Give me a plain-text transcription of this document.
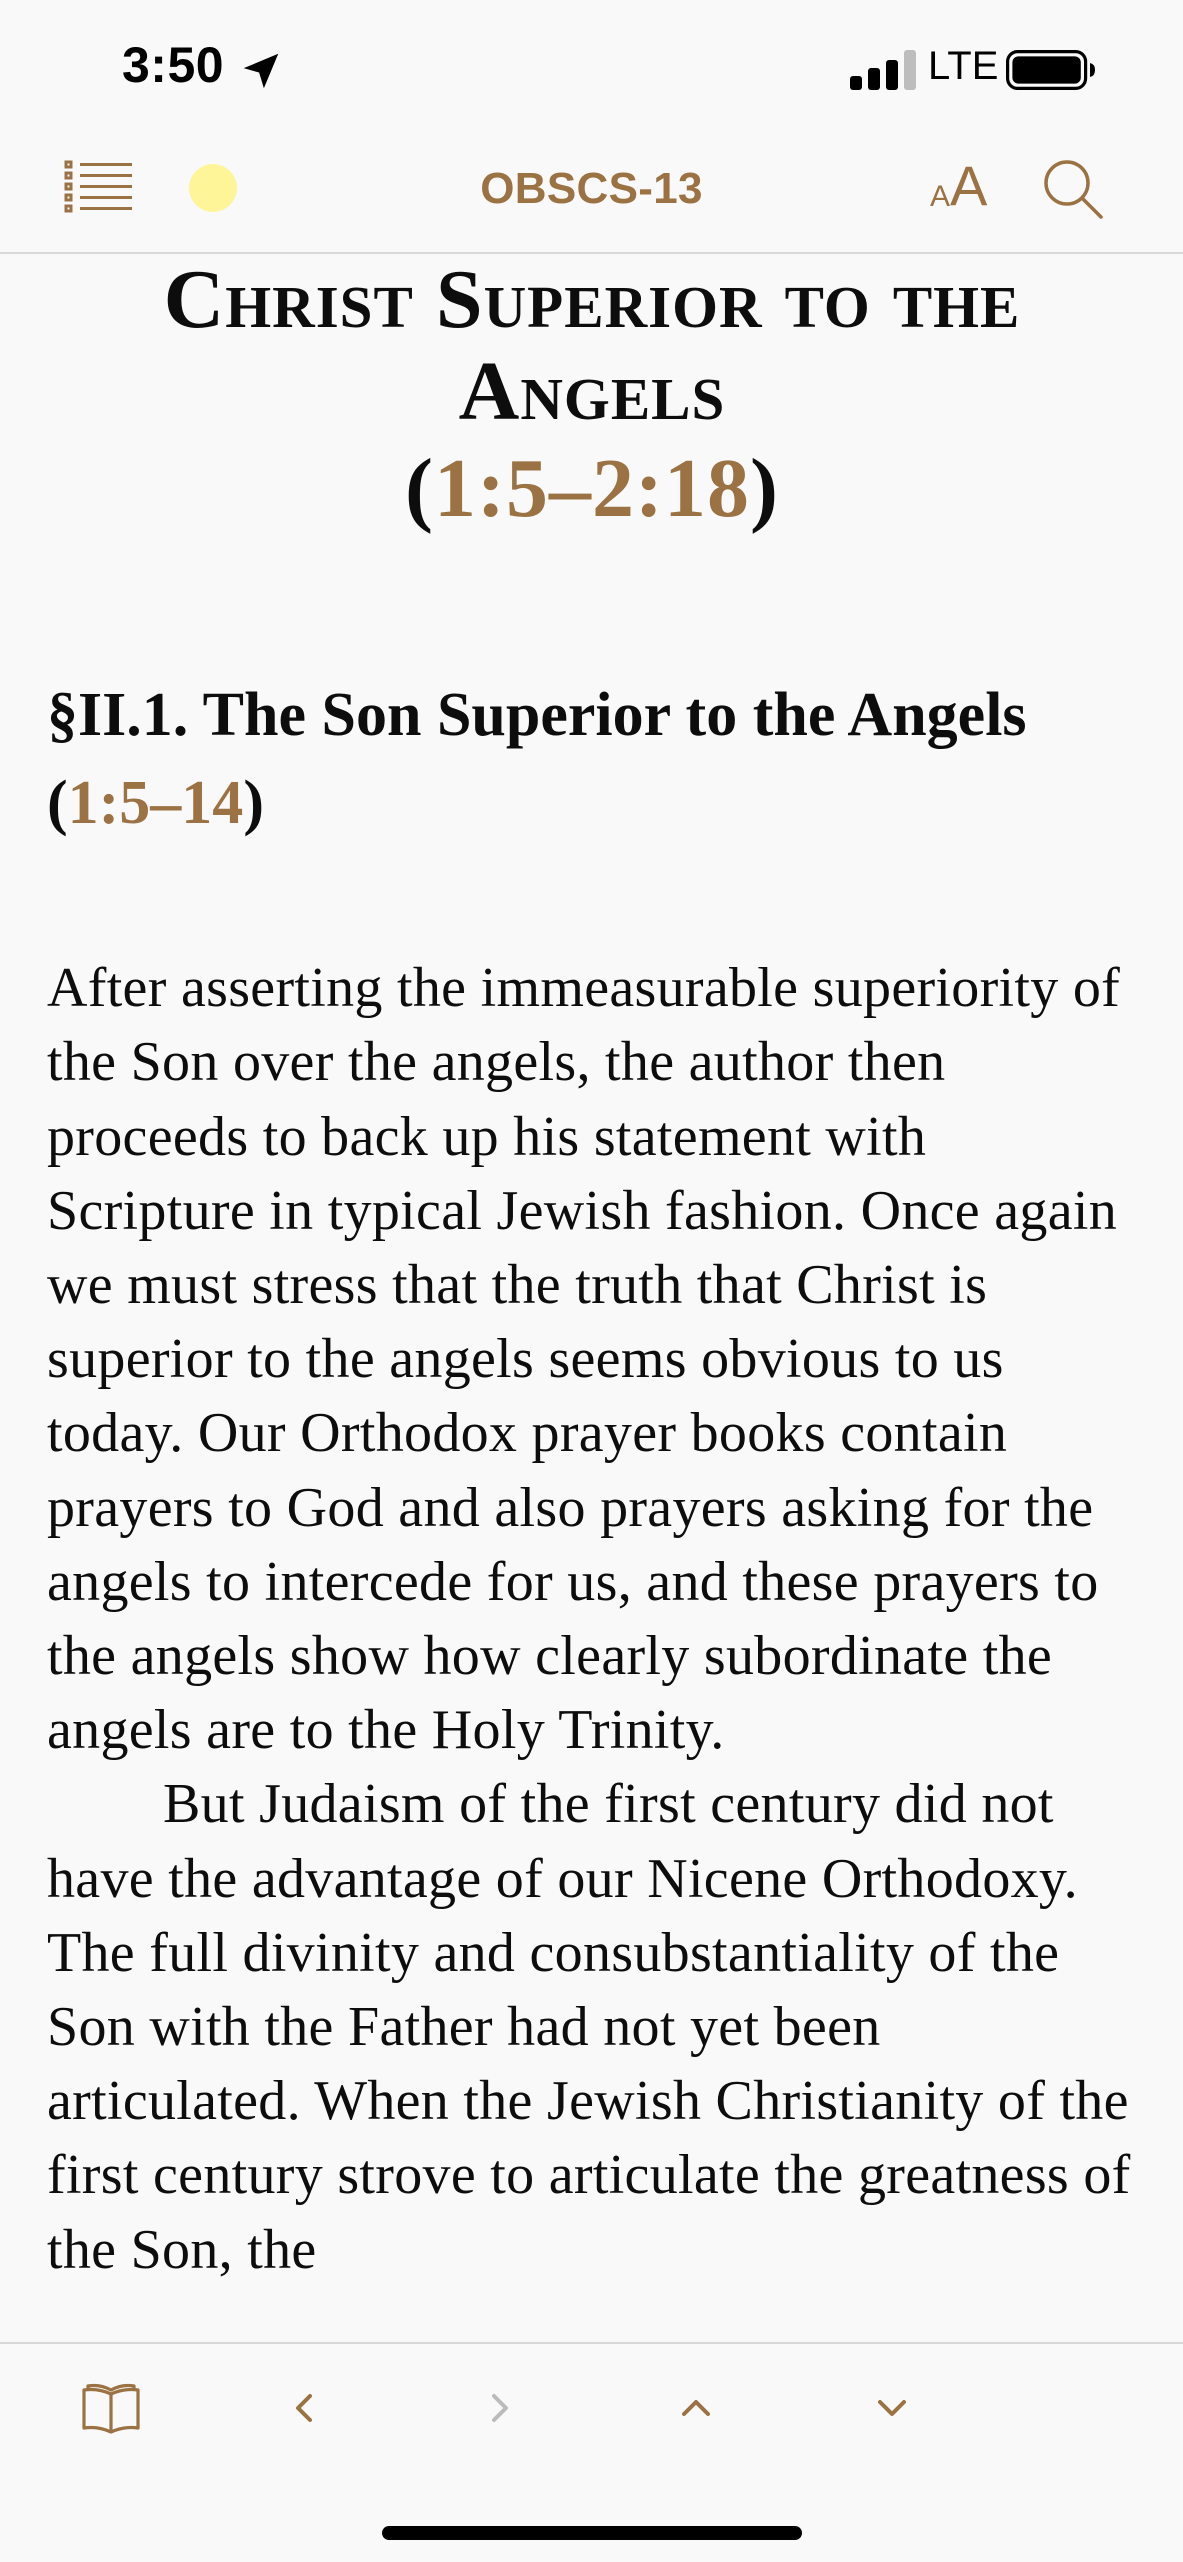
3:50	LTE
OBSCS-13	A A
Christ Superior to the Angels
(1:5–2:18)
§II.1. The Son Superior to the Angels (1:5–14)

After asserting the immeasurable superiority of the Son over the angels, the author then proceeds to back up his statement with Scripture in typical Jewish fashion. Once again we must stress that the truth that Christ is superior to the angels seems obvious to us today. Our Orthodox prayer books contain prayers to God and also prayers asking for the angels to intercede for us, and these prayers to the angels show how clearly subordinate the angels are to the Holy Trinity.

But Judaism of the first century did not have the advantage of our Nicene Orthodoxy. The full divinity and consubstantiality of the Son with the Father had not yet been articulated. When the Jewish Christianity of the first century strove to articulate the greatness of the Son, the
